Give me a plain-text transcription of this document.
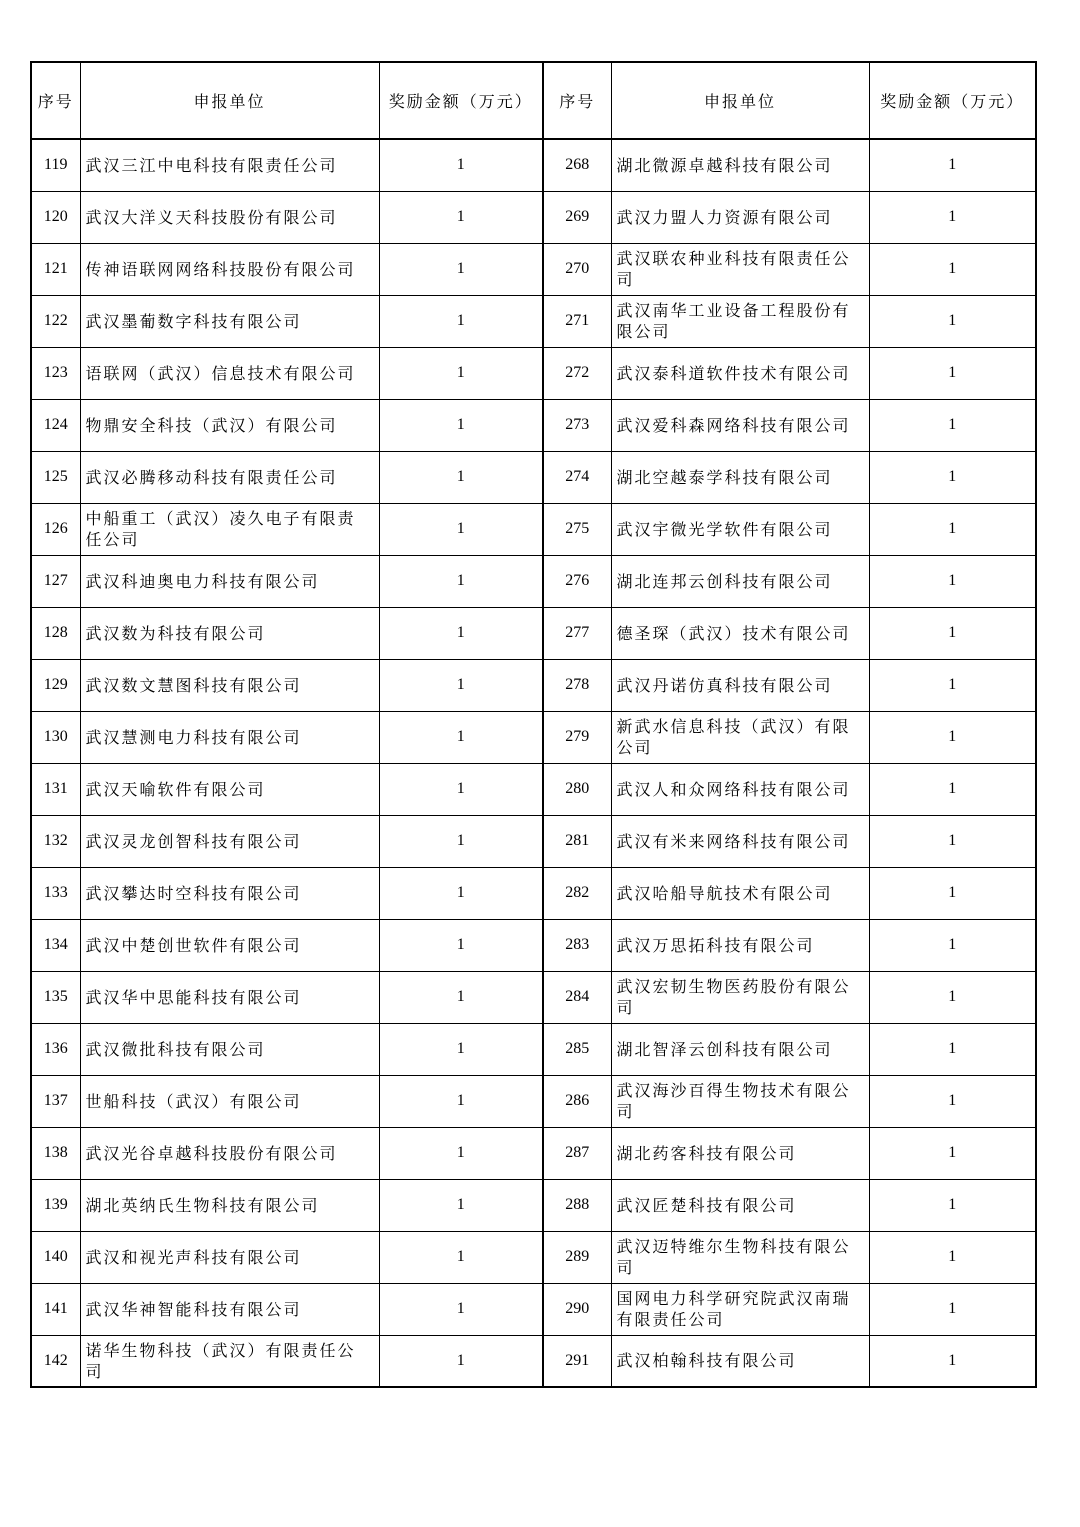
序号	申报单位	奖励金额（万元）	序号	申报单位	奖励金额（万元）
119	武汉三江中电科技有限责任公司	1	268	湖北微源卓越科技有限公司	1
120	武汉大洋义天科技股份有限公司	1	269	武汉力盟人力资源有限公司	1
121	传神语联网网络科技股份有限公司	1	270	武汉联农种业科技有限责任公司	1
122	武汉墨葡数字科技有限公司	1	271	武汉南华工业设备工程股份有限公司	1
123	语联网（武汉）信息技术有限公司	1	272	武汉泰科道软件技术有限公司	1
124	物鼎安全科技（武汉）有限公司	1	273	武汉爱科森网络科技有限公司	1
125	武汉必腾移动科技有限责任公司	1	274	湖北空越泰学科技有限公司	1
126	中船重工（武汉）凌久电子有限责任公司	1	275	武汉宇微光学软件有限公司	1
127	武汉科迪奥电力科技有限公司	1	276	湖北连邦云创科技有限公司	1
128	武汉数为科技有限公司	1	277	德圣琛（武汉）技术有限公司	1
129	武汉数文慧图科技有限公司	1	278	武汉丹诺仿真科技有限公司	1
130	武汉慧测电力科技有限公司	1	279	新武水信息科技（武汉）有限公司	1
131	武汉天喻软件有限公司	1	280	武汉人和众网络科技有限公司	1
132	武汉灵龙创智科技有限公司	1	281	武汉有米来网络科技有限公司	1
133	武汉攀达时空科技有限公司	1	282	武汉哈船导航技术有限公司	1
134	武汉中楚创世软件有限公司	1	283	武汉万思拓科技有限公司	1
135	武汉华中思能科技有限公司	1	284	武汉宏韧生物医药股份有限公司	1
136	武汉微批科技有限公司	1	285	湖北智泽云创科技有限公司	1
137	世船科技（武汉）有限公司	1	286	武汉海沙百得生物技术有限公司	1
138	武汉光谷卓越科技股份有限公司	1	287	湖北药客科技有限公司	1
139	湖北英纳氏生物科技有限公司	1	288	武汉匠楚科技有限公司	1
140	武汉和视光声科技有限公司	1	289	武汉迈特维尔生物科技有限公司	1
141	武汉华神智能科技有限公司	1	290	国网电力科学研究院武汉南瑞有限责任公司	1
142	诺华生物科技（武汉）有限责任公司	1	291	武汉柏翰科技有限公司	1
